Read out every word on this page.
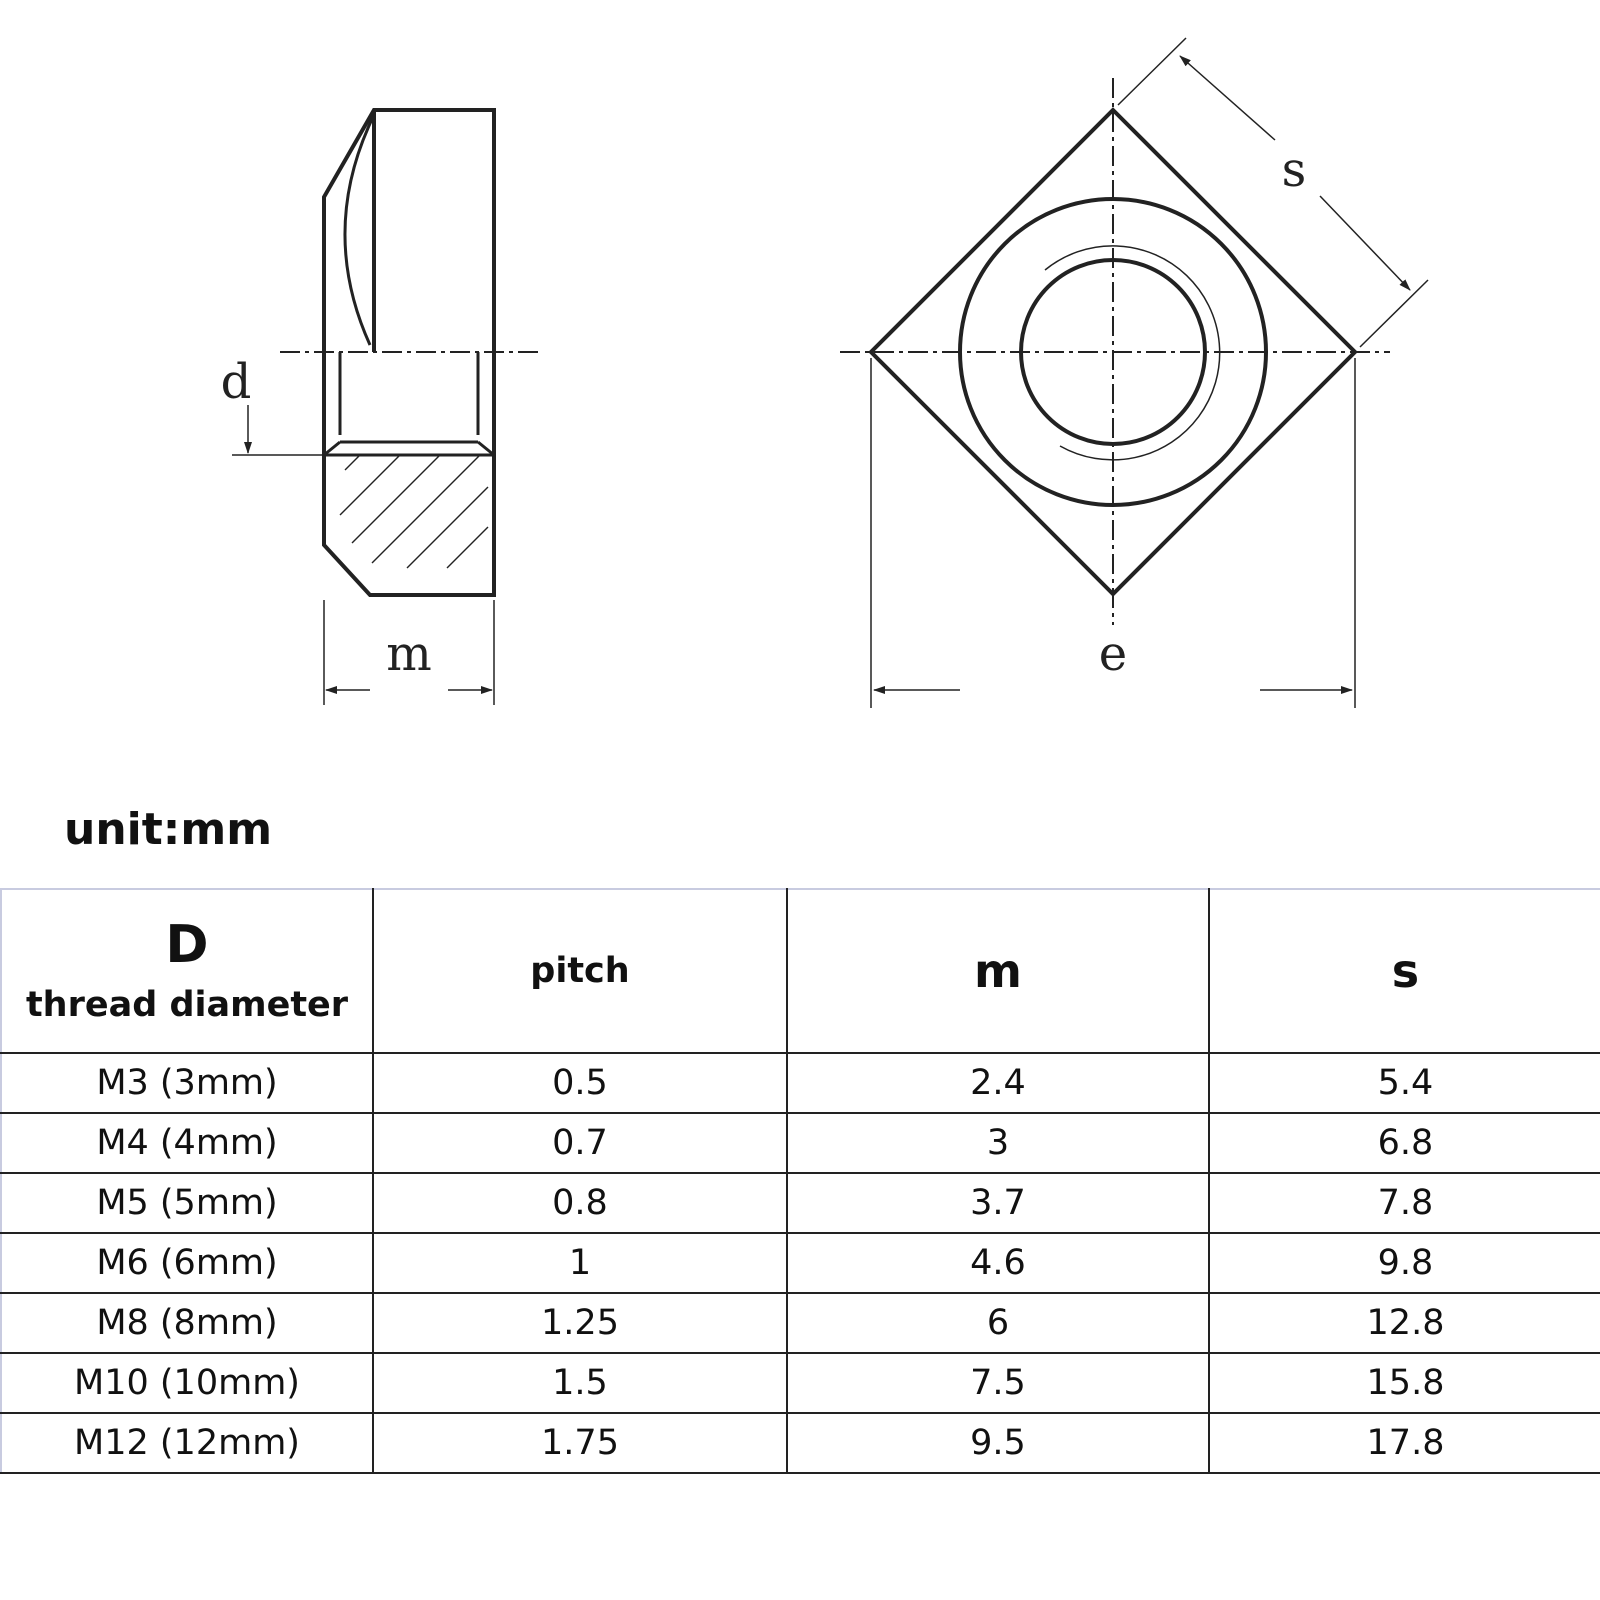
d
m
s
e
unit:mm
D
thread diameter	pitch	m	s
M3 (3mm)	0.5	2.4	5.4
M4 (4mm)	0.7	3	6.8
M5 (5mm)	0.8	3.7	7.8
M6 (6mm)	1	4.6	9.8
M8 (8mm)	1.25	6	12.8
M10 (10mm)	1.5	7.5	15.8
M12 (12mm)	1.75	9.5	17.8
